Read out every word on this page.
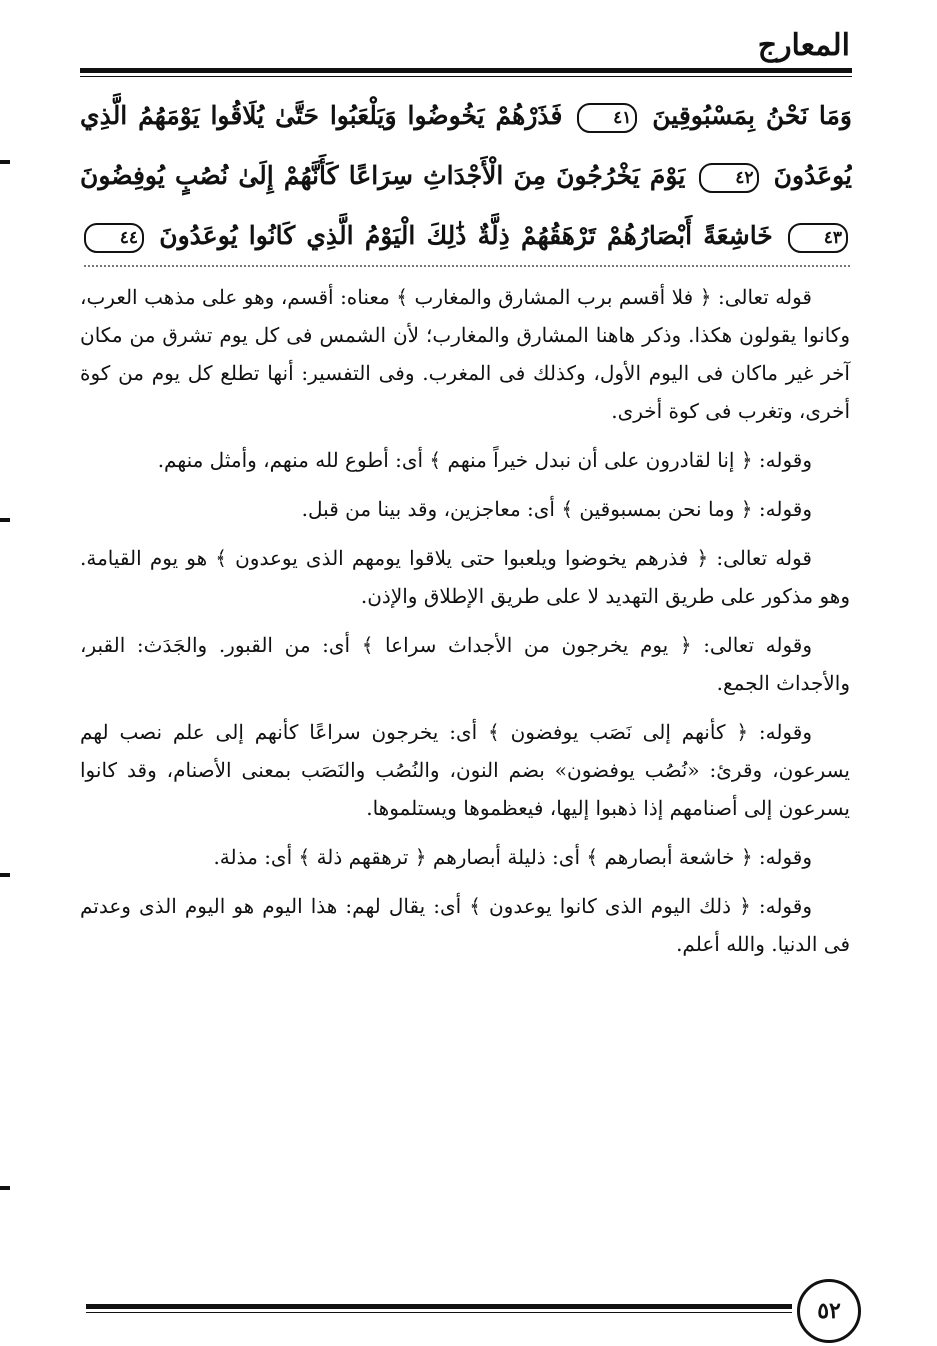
المعارج
وَمَا نَحْنُ بِمَسْبُوقِينَ ٤١ فَذَرْهُمْ يَخُوضُوا وَيَلْعَبُوا حَتَّىٰ يُلَاقُوا يَوْمَهُمُ الَّذِي
يُوعَدُونَ ٤٢ يَوْمَ يَخْرُجُونَ مِنَ الْأَجْدَاثِ سِرَاعًا كَأَنَّهُمْ إِلَىٰ نُصُبٍ يُوفِضُونَ
٤٣ خَاشِعَةً أَبْصَارُهُمْ تَرْهَقُهُمْ ذِلَّةٌ ذَٰلِكَ الْيَوْمُ الَّذِي كَانُوا يُوعَدُونَ ٤٤

قوله تعالى: ﴿ فلا أقسم برب المشارق والمغارب ﴾ معناه: أقسم، وهو على مذهب العرب، وكانوا يقولون هكذا. وذكر هاهنا المشارق والمغارب؛ لأن الشمس فى كل يوم تشرق من مكان آخر غير ماكان فى اليوم الأول، وكذلك فى المغرب. وفى التفسير: أنها تطلع كل يوم من كوة أخرى، وتغرب فى كوة أخرى.

وقوله: ﴿ إنا لقادرون على أن نبدل خيراً منهم ﴾ أى: أطوع لله منهم، وأمثل منهم.

وقوله: ﴿ وما نحن بمسبوقين ﴾ أى: معاجزين، وقد بينا من قبل.

قوله تعالى: ﴿ فذرهم يخوضوا ويلعبوا حتى يلاقوا يومهم الذى يوعدون ﴾ هو يوم القيامة. وهو مذكور على طريق التهديد لا على طريق الإطلاق والإذن.

وقوله تعالى: ﴿ يوم يخرجون من الأجداث سراعا ﴾ أى: من القبور. والجَدَث: القبر، والأجداث الجمع.

وقوله: ﴿ كأنهم إلى نَصَب يوفضون ﴾ أى: يخرجون سراعًا كأنهم إلى علم نصب لهم يسرعون، وقرئ: «نُصُب يوفضون» بضم النون، والنُصُب والنَصَب بمعنى الأصنام، وقد كانوا يسرعون إلى أصنامهم إذا ذهبوا إليها، فيعظموها ويستلموها.

وقوله: ﴿ خاشعة أبصارهم ﴾ أى: ذليلة أبصارهم ﴿ ترهقهم ذلة ﴾ أى: مذلة.

وقوله: ﴿ ذلك اليوم الذى كانوا يوعدون ﴾ أى: يقال لهم: هذا اليوم هو اليوم الذى وعدتم فى الدنيا. والله أعلم.

٥٢
